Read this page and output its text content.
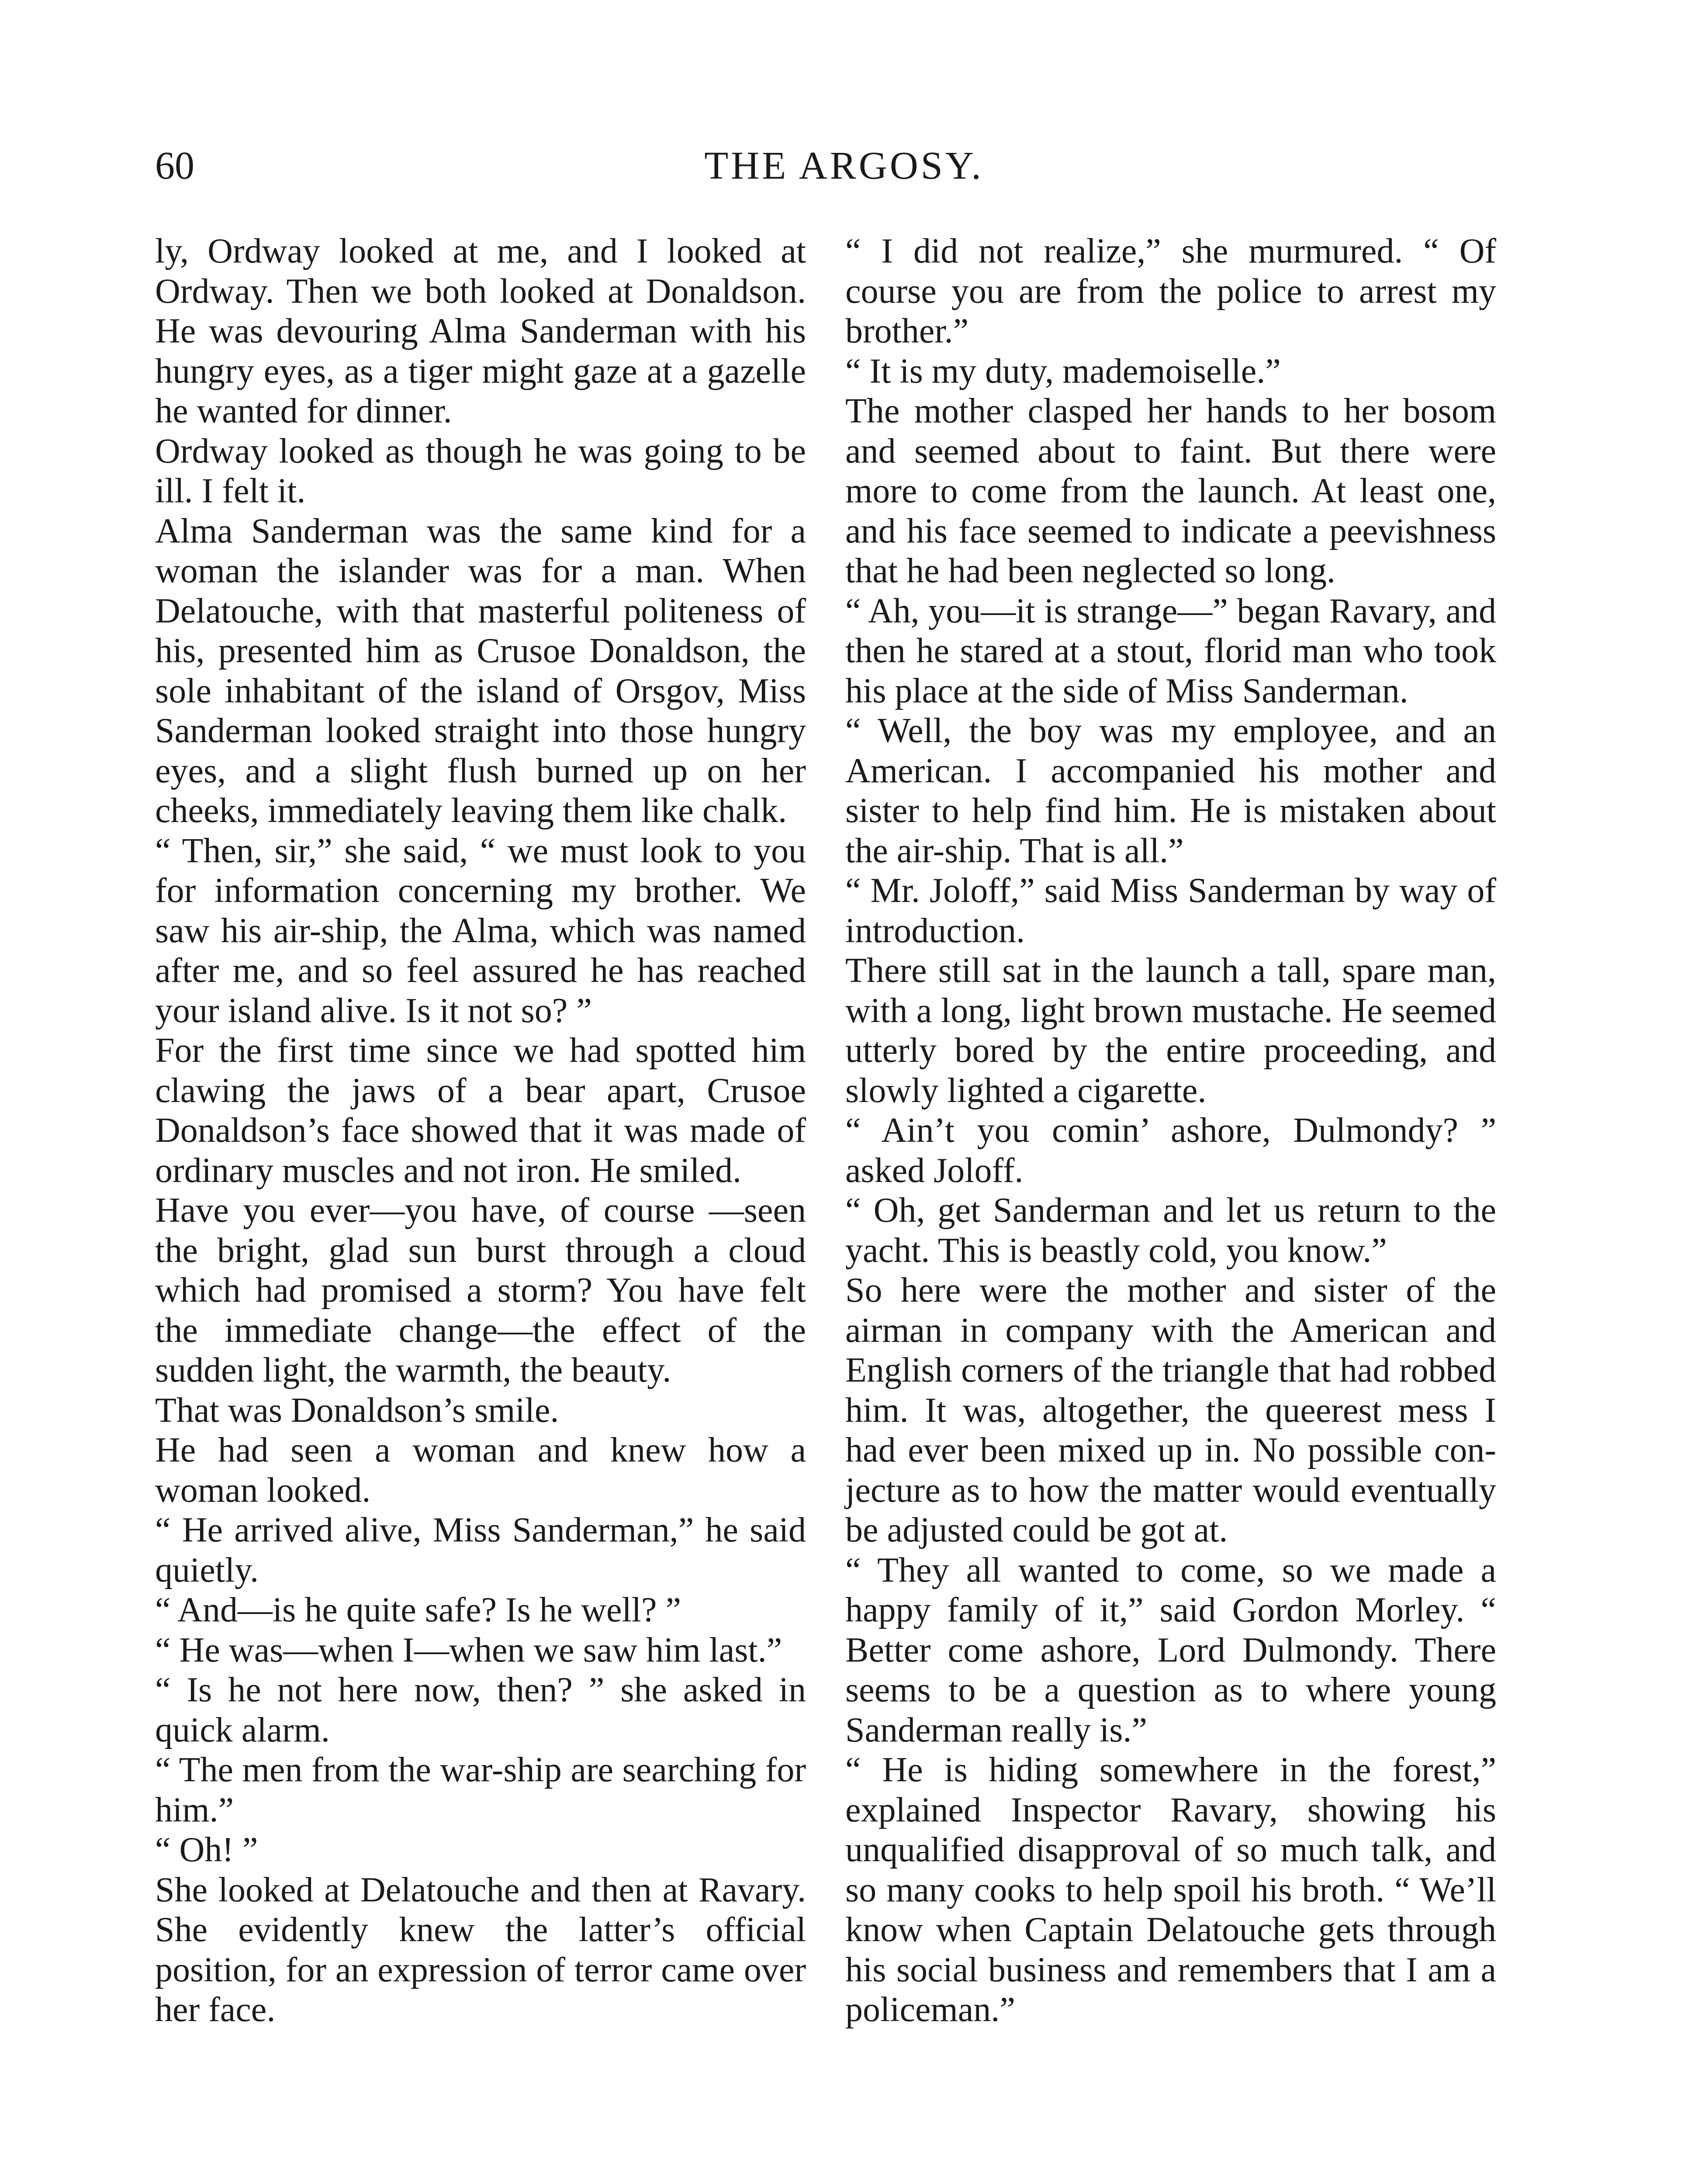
60	THE ARGOSY.

ly, Ordway looked at me, and I looked at Ordway. Then we both looked at Donaldson. He was devouring Alma Sanderman with his hungry eyes, as a tiger might gaze at a gazelle he wanted for dinner.

Ordway looked as though he was going to be ill. I felt it.

Alma Sanderman was the same kind for a woman the islander was for a man. When Delatouche, with that masterful politeness of his, presented him as Crusoe Donaldson, the sole inhabitant of the island of Orsgov, Miss Sanderman looked straight into those hungry eyes, and a slight flush burned up on her cheeks, immediately leaving them like chalk.

“ Then, sir,” she said, “ we must look to you for information concerning my brother. We saw his air-ship, the Alma, which was named after me, and so feel assured he has reached your island alive. Is it not so? ”

For the first time since we had spotted him clawing the jaws of a bear apart, Crusoe Donaldson’s face showed that it was made of ordinary muscles and not iron. He smiled.

Have you ever—you have, of course —seen the bright, glad sun burst through a cloud which had promised a storm? You have felt the immediate change—the effect of the sudden light, the warmth, the beauty.

That was Donaldson’s smile.

He had seen a woman and knew how a woman looked.

“ He arrived alive, Miss Sanderman,” he said quietly.

“ And—is he quite safe? Is he well? ”

“ He was—when I—when we saw him last.”

“ Is he not here now, then? ” she asked in quick alarm.

“ The men from the war-ship are searching for him.”

“ Oh! ”

She looked at Delatouche and then at Ravary. She evidently knew the latter’s official position, for an expression of terror came over her face.

“ I did not realize,” she murmured. “ Of course you are from the police to arrest my brother.”

“ It is my duty, mademoiselle.”

The mother clasped her hands to her bosom and seemed about to faint. But there were more to come from the launch. At least one, and his face seemed to indicate a peevishness that he had been neglected so long.

“ Ah, you—it is strange—” began Ravary, and then he stared at a stout, florid man who took his place at the side of Miss Sanderman.

“ Well, the boy was my employee, and an American. I accompanied his mother and sister to help find him. He is mistaken about the air-ship. That is all.”

“ Mr. Joloff,” said Miss Sanderman by way of introduction.

There still sat in the launch a tall, spare man, with a long, light brown mustache. He seemed utterly bored by the entire proceeding, and slowly lighted a cigarette.

“ Ain’t you comin’ ashore, Dulmondy? ” asked Joloff.

“ Oh, get Sanderman and let us return to the yacht. This is beastly cold, you know.”

So here were the mother and sister of the airman in company with the American and English corners of the triangle that had robbed him. It was, altogether, the queerest mess I had ever been mixed up in. No possible conjecture as to how the matter would eventually be adjusted could be got at.

“ They all wanted to come, so we made a happy family of it,” said Gordon Morley. “ Better come ashore, Lord Dulmondy. There seems to be a question as to where young Sanderman really is.”

“ He is hiding somewhere in the forest,” explained Inspector Ravary, showing his unqualified disapproval of so much talk, and so many cooks to help spoil his broth. “ We’ll know when Captain Delatouche gets through his social business and remembers that I am a policeman.”
